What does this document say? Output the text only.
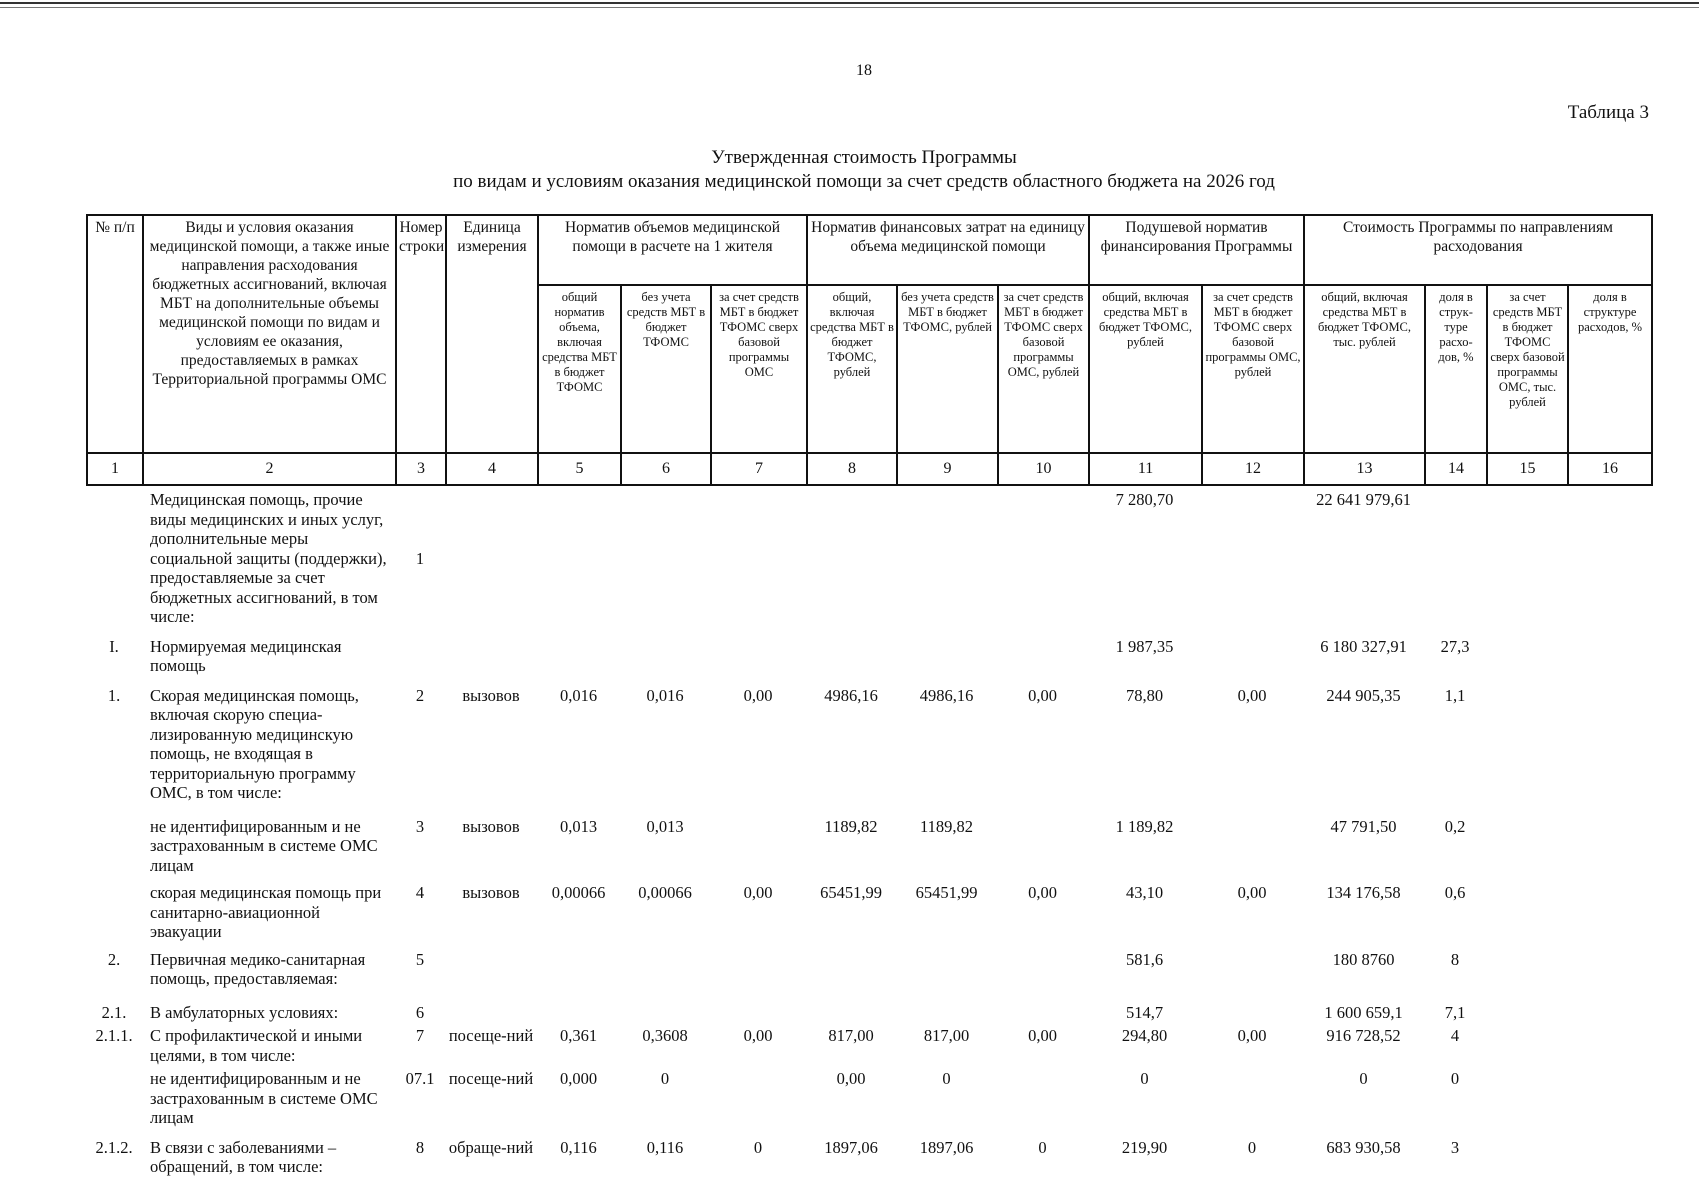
18
Таблица 3
Утвержденная стоимость Программы
по видам и условиям оказания медицинской помощи за счет средств областного бюджета на 2026 год
№ п/п	Виды и условия оказания медицинской помощи, а также иные направления расходования бюджетных ассигнований, включая МБТ на дополнительные объемы медицинской помощи по видам и условиям ее оказания, предоставляемых в рамках Территориальной программы ОМС	Номер строки	Единица измерения	Норматив объемов медицинской помощи в расчете на 1 жителя			Норматив финансовых затрат на единицу объема медицинской помощи			Подушевой норматив финансирования Программы		Стоимость Программы по направлениям расходования			
				общий норматив объема, включая средства МБТ в бюджет ТФОМС	без учета средств МБТ в бюджет ТФОМС	за счет средств МБТ в бюджет ТФОМС сверх базовой программы ОМС	общий, включая средства МБТ в бюджет ТФОМС, рублей	без учета средств МБТ в бюджет ТФОМС, рублей	за счет средств МБТ в бюджет ТФОМС сверх базовой программы ОМС, рублей	общий, включая средства МБТ в бюджет ТФОМС, рублей	за счет средств МБТ в бюджет ТФОМС сверх базовой программы ОМС, рублей	общий, включая средства МБТ в бюджет ТФОМС, тыс. рублей	доля в струк- туре расхо- дов, %	за счет средств МБТ в бюджет ТФОМС сверх базовой программы ОМС, тыс. рублей	доля в структуре расходов, %
1	2	3	4	5	6	7	8	9	10	11	12	13	14	15	16
	Медицинская помощь, прочие виды медицинских и иных услуг, дополнительные меры социальной защиты (поддержки), предоставляемые за счет бюджетных ассигнований, в том числе:	1								7 280,70		22 641 979,61			
I.	Нормируемая медицинская помощь									1 987,35		6 180 327,91	27,3		
1.	Скорая медицинская помощь, включая скорую специа-лизированную медицинскую помощь, не входящая в территориальную программу ОМС, в том числе:	2	вызовов	0,016	0,016	0,00	4986,16	4986,16	0,00	78,80	0,00	244 905,35	1,1		
	не идентифицированным и не застрахованным в системе ОМС лицам	3	вызовов	0,013	0,013		1189,82	1189,82		1 189,82		47 791,50	0,2		
	скорая медицинская помощь при санитарно-авиационной эвакуации	4	вызовов	0,00066	0,00066	0,00	65451,99	65451,99	0,00	43,10	0,00	134 176,58	0,6		
2.	Первичная медико-санитарная помощь, предоставляемая:	5								581,6		180 8760	8		
2.1.	В амбулаторных условиях:	6								514,7		1 600 659,1	7,1		
2.1.1.	С профилактической и иными целями, в том числе:	7	посеще-ний	0,361	0,3608	0,00	817,00	817,00	0,00	294,80	0,00	916 728,52	4		
	не идентифицированным и не застрахованным в системе ОМС лицам	07.1	посеще-ний	0,000	0		0,00	0		0		0	0		
2.1.2.	В связи с заболеваниями – обращений, в том числе:	8	обраще-ний	0,116	0,116	0	1897,06	1897,06	0	219,90	0	683 930,58	3		
